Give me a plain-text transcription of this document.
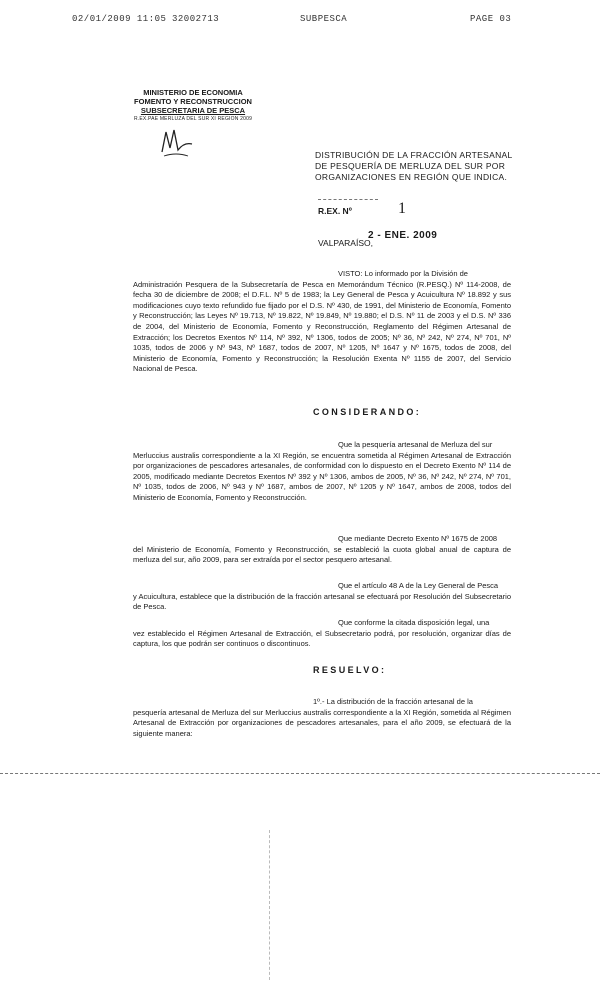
02/01/2009 11:05 32002713	SUBPESCA	PAGE 03
MINISTERIO DE ECONOMIA
FOMENTO Y RECONSTRUCCION
SUBSECRETARIA DE PESCA
R.EX.PAE MERLUZA DEL SUR XI REGION 2009
DISTRIBUCIÓN DE LA FRACCIÓN ARTESANAL DE PESQUERÍA DE MERLUZA DEL SUR POR ORGANIZACIONES EN REGIÓN QUE INDICA.
R.EX. Nº	1
2 - ENE. 2009
VALPARAÍSO,
VISTO: Lo informado por la División de
Administración Pesquera de la Subsecretaría de Pesca en Memorándum Técnico (R.PESQ.) Nº 114-2008, de fecha 30 de diciembre de 2008; el D.F.L. Nº 5 de 1983; la Ley General de Pesca y Acuicultura Nº 18.892 y sus modificaciones cuyo texto refundido fue fijado por el D.S. Nº 430, de 1991, del Ministerio de Economía, Fomento y Reconstrucción; las Leyes Nº 19.713, Nº 19.822, Nº 19.849, Nº 19.880; el D.S. Nº 11 de 2003 y el D.S. Nº 336 de 2004, del Ministerio de Economía, Fomento y Reconstrucción, Reglamento del Régimen Artesanal de Extracción; los Decretos Exentos Nº 114, Nº 392, Nº 1306, todos de 2005; Nº 36, Nº 242, Nº 274, Nº 701, Nº 1035, todos de 2006 y Nº 943, Nº 1687, todos de 2007, Nº 1205, Nº 1647 y Nº 1675, todos de 2008, del Ministerio de Economía, Fomento y Reconstrucción; la Resolución Exenta Nº 1155 de 2007, del Servicio Nacional de Pesca.
CONSIDERANDO:
Que la pesquería artesanal de Merluza del sur
Merluccius australis correspondiente a la XI Región, se encuentra sometida al Régimen Artesanal de Extracción por organizaciones de pescadores artesanales, de conformidad con lo dispuesto en el Decreto Exento Nº 114 de 2005, modificado mediante Decretos Exentos Nº 392 y Nº 1306, ambos de 2005, Nº 36, Nº 242, Nº 274, Nº 701, Nº 1035, todos de 2006, Nº 943 y Nº 1687, ambos de 2007, Nº 1205 y Nº 1647, ambos de 2008, todos del Ministerio de Economía, Fomento y Reconstrucción.
Que mediante Decreto Exento Nº 1675 de 2008
del Ministerio de Economía, Fomento y Reconstrucción, se estableció la cuota global anual de captura de merluza del sur, año 2009, para ser extraída por el sector pesquero artesanal.
Que el artículo 48 A de la Ley General de Pesca
y Acuicultura, establece que la distribución de la fracción artesanal se efectuará por Resolución del Subsecretario de Pesca.
Que conforme la citada disposición legal, una
vez establecido el Régimen Artesanal de Extracción, el Subsecretario podrá, por resolución, organizar días de captura, los que podrán ser continuos o discontinuos.
RESUELVO:
1º.- La distribución de la fracción artesanal de la
pesquería artesanal de Merluza del sur Merluccius australis correspondiente a la XI Región, sometida al Régimen Artesanal de Extracción por organizaciones de pescadores artesanales, para el año 2009, se efectuará de la siguiente manera:
